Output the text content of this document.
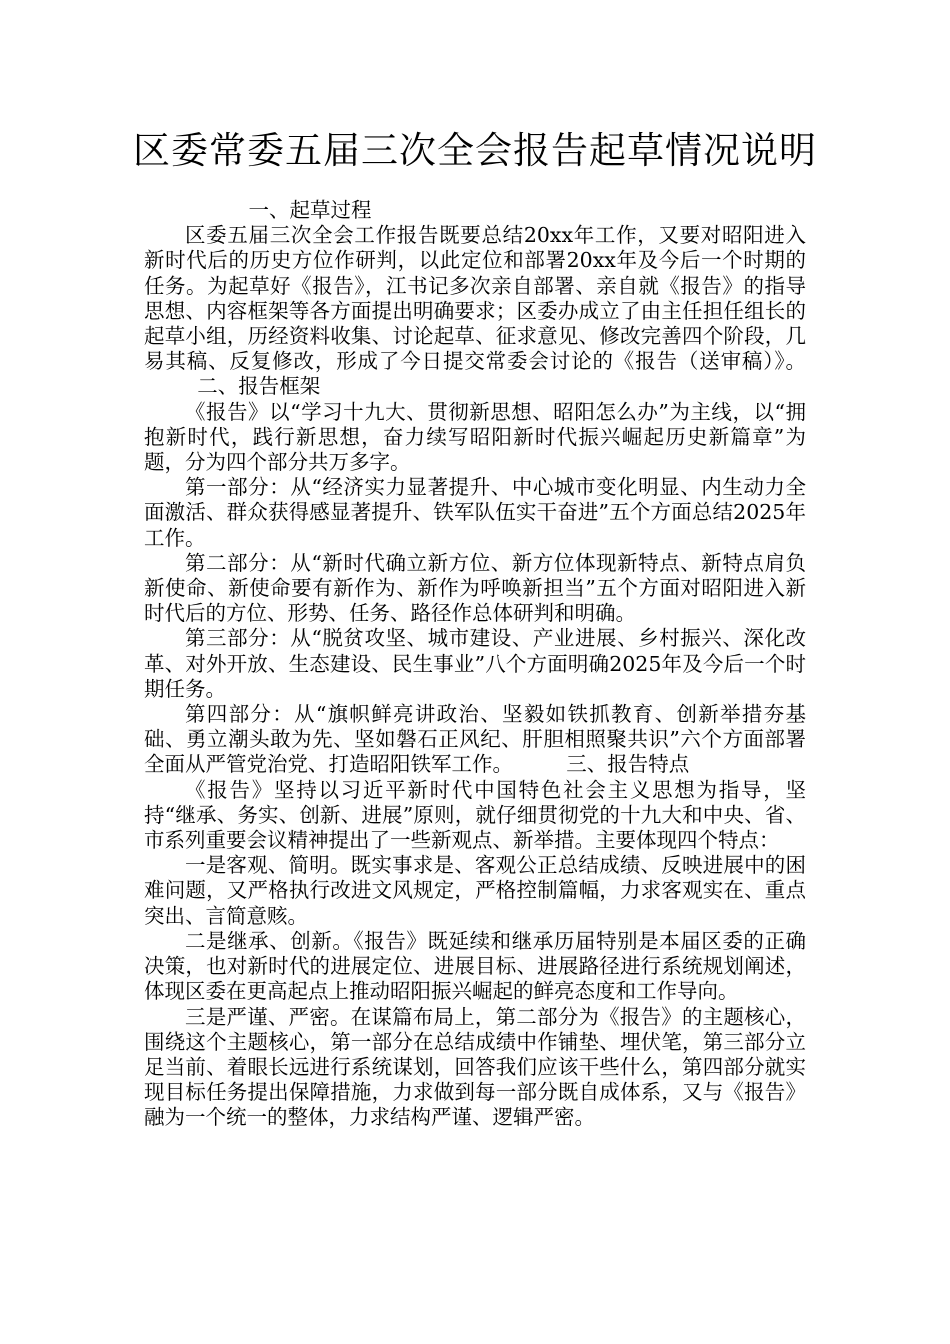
区委常委五届三次全会报告起草情况说明

一、起草过程

区委五届三次全会工作报告既要总结20xx年工作，又要对昭阳进入新时代后的历史方位作研判，以此定位和部署20xx年及今后一个时期的任务。为起草好《报告》，江书记多次亲自部署、亲自就《报告》的指导思想、内容框架等各方面提出明确要求；区委办成立了由主任担任组长的起草小组，历经资料收集、讨论起草、征求意见、修改完善四个阶段，几易其稿、反复修改，形成了今日提交常委会讨论的《报告（送审稿）》。二、报告框架

《报告》以“学习十九大、贯彻新思想、昭阳怎么办”为主线，以“拥抱新时代，践行新思想，奋力续写昭阳新时代振兴崛起历史新篇章”为题，分为四个部分共万多字。

第一部分：从“经济实力显著提升、中心城市变化明显、内生动力全面激活、群众获得感显著提升、铁军队伍实干奋进”五个方面总结2025年工作。

第二部分：从“新时代确立新方位、新方位体现新特点、新特点肩负新使命、新使命要有新作为、新作为呼唤新担当”五个方面对昭阳进入新时代后的方位、形势、任务、路径作总体研判和明确。

第三部分：从“脱贫攻坚、城市建设、产业进展、乡村振兴、深化改革、对外开放、生态建设、民生事业”八个方面明确2025年及今后一个时期任务。

第四部分：从“旗帜鲜亮讲政治、坚毅如铁抓教育、创新举措夯基础、勇立潮头敢为先、坚如磐石正风纪、肝胆相照聚共识”六个方面部署全面从严管党治党、打造昭阳铁军工作。	三、报告特点

《报告》坚持以习近平新时代中国特色社会主义思想为指导，坚持“继承、务实、创新、进展”原则，就仔细贯彻党的十九大和中央、省、市系列重要会议精神提出了一些新观点、新举措。主要体现四个特点：

一是客观、简明。既实事求是、客观公正总结成绩、反映进展中的困难问题，又严格执行改进文风规定，严格控制篇幅，力求客观实在、重点突出、言简意赅。

二是继承、创新。《报告》既延续和继承历届特别是本届区委的正确决策，也对新时代的进展定位、进展目标、进展路径进行系统规划阐述，体现区委在更高起点上推动昭阳振兴崛起的鲜亮态度和工作导向。

三是严谨、严密。在谋篇布局上，第二部分为《报告》的主题核心，围绕这个主题核心，第一部分在总结成绩中作铺垫、埋伏笔，第三部分立足当前、着眼长远进行系统谋划，回答我们应该干些什么，第四部分就实现目标任务提出保障措施，力求做到每一部分既自成体系，又与《报告》融为一个统一的整体，力求结构严谨、逻辑严密。
